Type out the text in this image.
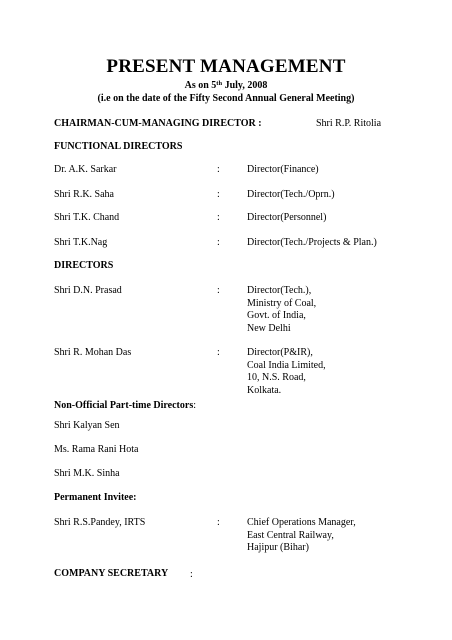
PRESENT MANAGEMENT
As on 5th July, 2008
(i.e on the date of the Fifty Second Annual General Meeting)
CHAIRMAN-CUM-MANAGING DIRECTOR :	Shri R.P. Ritolia
FUNCTIONAL DIRECTORS
Dr. A.K. Sarkar	:	Director(Finance)
Shri R.K. Saha	:	Director(Tech./Oprn.)
Shri T.K. Chand	:	Director(Personnel)
Shri T.K.Nag	:	Director(Tech./Projects & Plan.)
DIRECTORS
Shri D.N. Prasad	:	Director(Tech.),
Ministry of Coal,
Govt. of India,
New Delhi
Shri R. Mohan Das	:	Director(P&IR),
Coal India Limited,
10, N.S. Road,
Kolkata.
Non-Official Part-time Directors:
Shri Kalyan Sen
Ms. Rama Rani Hota
Shri M.K. Sinha
Permanent Invitee:
Shri R.S.Pandey, IRTS	:	Chief Operations Manager,
East Central Railway,
Hajipur (Bihar)
COMPANY SECRETARY :
